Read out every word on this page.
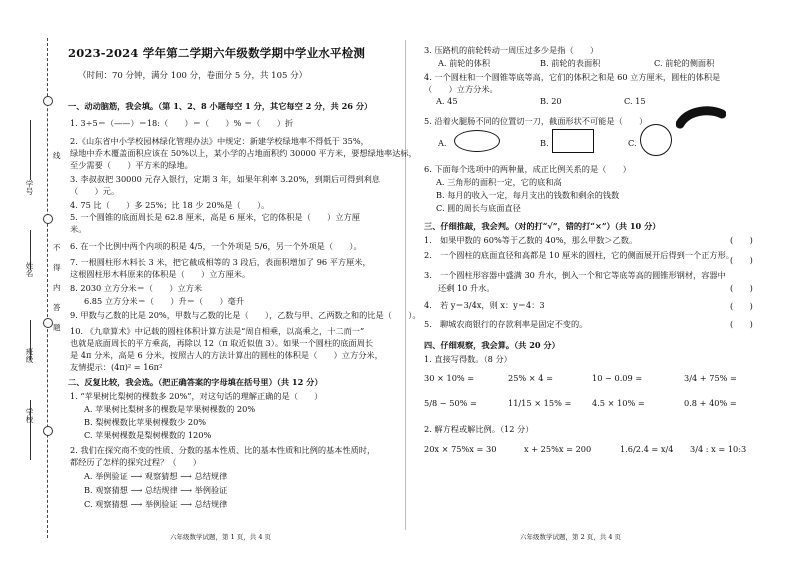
学号
姓名
班级
学校
线
内
不
得
答
题
2023-2024 学年第二学期六年级数学期中学业水平检测
（时间：70 分钟，满分 100 分，卷面分 5 分，共 105 分）
一、动动脑筋，我会填。（第 1、2、8 小题每空 1 分，其它每空 2 分，共 26 分）
1. 3÷5＝（——）＝18:（　　）＝（　　）% ＝（　　）折
2.《山东省中小学校园林绿化管理办法》中规定：新建学校绿地率不得低于 35%，
绿地中乔木覆盖面积应该在 50%以上，某小学的占地面积约 30000 平方米，要想绿地率达标，
至少需要（　　）平方米的绿地。
3. 李叔叔把 30000 元存入银行，定期 3 年，如果年利率 3.20%，到期后可得到利息
（　　）元。
4. 75 比（　　）多 25%；比 18 少 20%是（　　）。
5. 一个圆锥的底面周长是 62.8 厘米，高是 6 厘米，它的体积是（　　）立方厘
米。
6. 在一个比例中两个内项的积是 4/5，一个外项是 5/6，另一个外项是（　　）。
7. 一根圆柱形木料长 3 米，把它截成相等的 3 段后，表面积增加了 96 平方厘米，
这根圆柱形木料原来的体积是（　　）立方厘米。
8. 2030 立方分米＝（　　）立方米
6.85 立方分米＝（　　）升＝（　　）毫升
9. 甲数与乙数的比是 20%，甲数与乙数的比是（　　），乙数与甲、乙两数之和的比是（　　）。
10. 《九章算术》中记载的圆柱体积计算方法是“周自相乘，以高乘之，十二而一”
也就是底面周长的平方乘高，再除以 12（π 取近似值 3）。如果一个圆柱的底面周长
是 4π 分米，高是 6 分米，按照古人的方法计算出的圆柱的体积是（　　）立方分米，
友情提示：(4π)² = 16π²
二、反复比较，我会选。（把正确答案的字母填在括号里）（共 12 分）
1. “苹果树比梨树的棵数多 20%”，对这句话的理解正确的是（　　）
A. 苹果树比梨树多的棵数是苹果树棵数的 20%
B. 梨树棵数比苹果树棵数少 20%
C. 苹果树棵数是梨树棵数的 120%
2. 我们在探究商不变的性质、分数的基本性质、比的基本性质和比例的基本性质时，
都经历了怎样的探究过程？（　　）
A. 举例验证 ⟶ 观察猜想 ⟶ 总结规律
B. 观察猜想 ⟶ 总结规律 ⟶ 举例验证
C. 观察猜想 ⟶ 举例验证 ⟶ 总结规律
六年级数学试题，第 1 页，共 4 页
3. 压路机的前轮转动一周压过多少是指（　　）
A. 前轮的体积	B. 前轮的表面积	C. 前轮的侧面积
4. 一个圆柱和一个圆锥等底等高，它们的体积之和是 60 立方厘米，圆柱的体积是
（　　）立方分米。
A. 45	B. 20	C. 15
5. 沿着火腿肠不同的位置切一刀，截面形状不可能是（　　）
A.	B.	C.
6. 下面每个选项中的两种量，成正比例关系的是（　　）
A. 三角形的面积一定，它的底和高
B. 每月的收入一定，每月支出的钱数和剩余的钱数
C. 圆的周长与底面直径
三、仔细推敲，我会判。（对的打“√”，错的打“×”）（共 10 分）
1.　如果甲数的 60%等于乙数的 40%，那么甲数＞乙数。
2.　一个圆柱的底面直径和高都是 10 厘米的圆柱，它的侧面展开后得到一个正方形。
3.　一个圆柱形容器中盛满 30 升水，倒入一个和它等底等高的圆锥形钢材，容器中
还剩 10 升水。
4.　若 y＝3/4x，则 x：y＝4：3
5.　聊城农商银行的存款利率是固定不变的。
四、仔细观察，我会算。（共 20 分）
1. 直接写得数。（8 分）
30 × 10% =	25% × 4 =	10 − 0.09 =	3/4 + 75% =
5/8 − 50% =	11/15 × 15% =	4.5 × 10% =	0.8 + 40% =
2. 解方程或解比例。（12 分）
20x × 75%x = 30	x + 25%x = 200	1.6/2.4 = x/4 3/4 : x = 10:3
六年级数学试题，第 2 页，共 4 页
(　　)
(　　)
(　　)
(　　)
(　　)
